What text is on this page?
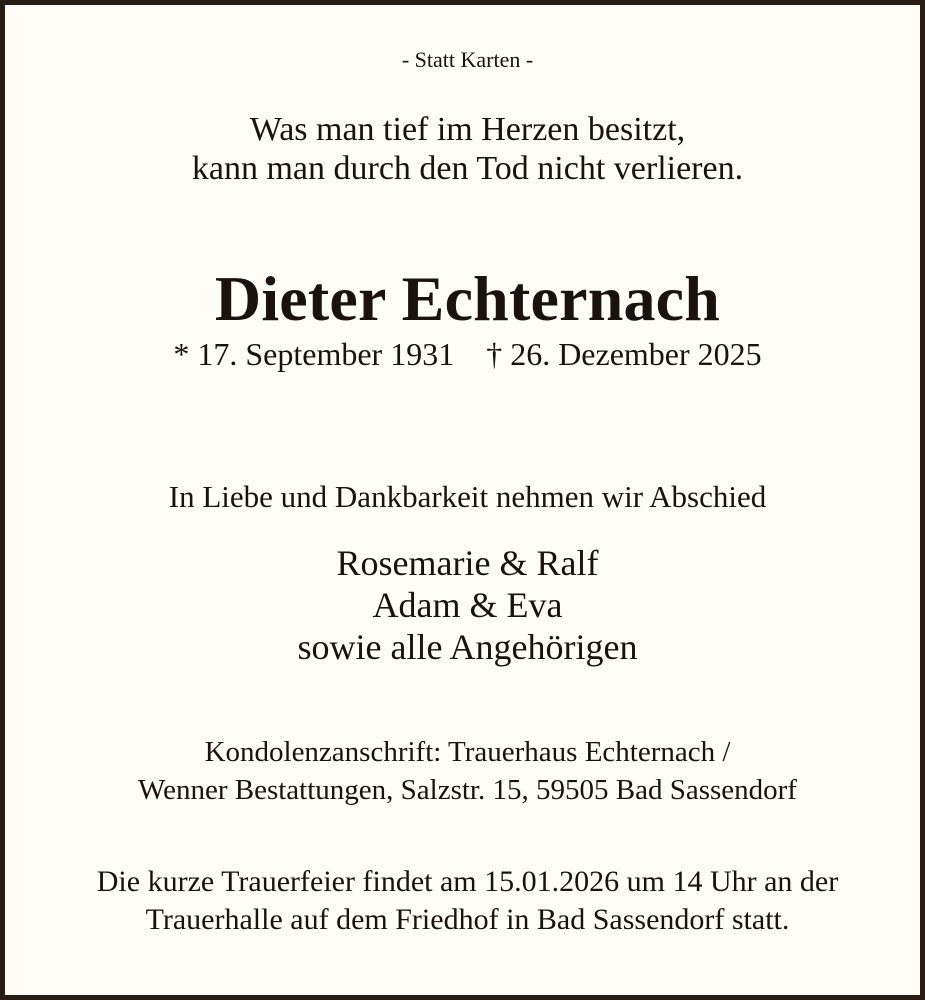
- Statt Karten -
Was man tief im Herzen besitzt,
kann man durch den Tod nicht verlieren.
Dieter Echternach
* 17. September 1931 † 26. Dezember 2025
In Liebe und Dankbarkeit nehmen wir Abschied
Rosemarie & Ralf
Adam & Eva
sowie alle Angehörigen
Kondolenzanschrift: Trauerhaus Echternach /
Wenner Bestattungen, Salzstr. 15, 59505 Bad Sassendorf
Die kurze Trauerfeier findet am 15.01.2026 um 14 Uhr an der
Trauerhalle auf dem Friedhof in Bad Sassendorf statt.
